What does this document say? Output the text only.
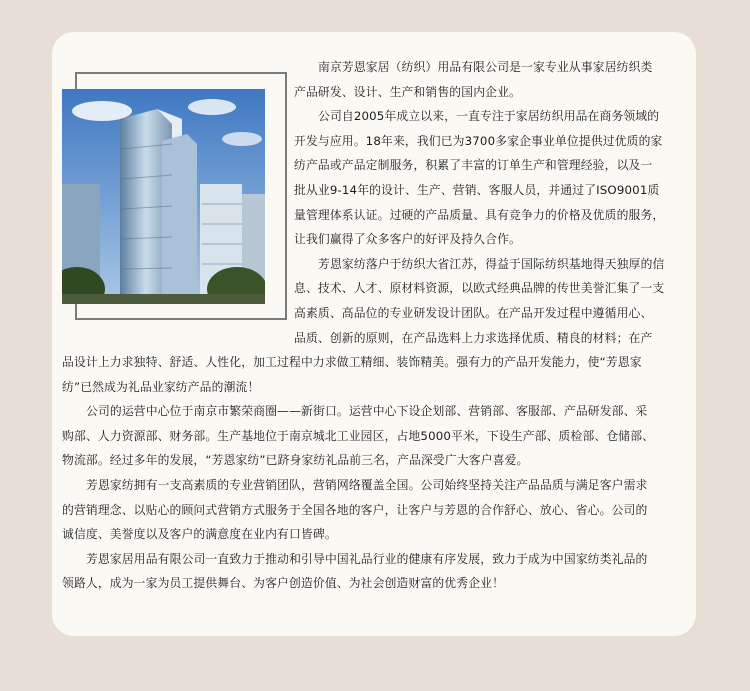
南京芳恩家居（纺织）用品有限公司是一家专业从事家居纺织类
产品研发、设计、生产和销售的国内企业。
公司自2005年成立以来，一直专注于家居纺织用品在商务领域的
开发与应用。18年来，我们已为3700多家企事业单位提供过优质的家
纺产品或产品定制服务，积累了丰富的订单生产和管理经验，以及一
批从业9-14年的设计、生产、营销、客服人员，并通过了ISO9001质
量管理体系认证。过硬的产品质量、具有竞争力的价格及优质的服务，
让我们赢得了众多客户的好评及持久合作。
芳恩家纺落户于纺织大省江苏，得益于国际纺织基地得天独厚的信
息、技术、人才、原材料资源，以欧式经典品牌的传世美誉汇集了一支
高素质、高品位的专业研发设计团队。在产品开发过程中遵循用心、
品质、创新的原则，在产品选料上力求选择优质、精良的材料；在产
品设计上力求独特、舒适、人性化，加工过程中力求做工精细、装饰精美。强有力的产品开发能力，使“芳恩家
纺”已然成为礼品业家纺产品的潮流！
公司的运营中心位于南京市繁荣商圈——新街口。运营中心下设企划部、营销部、客服部、产品研发部、采
购部、人力资源部、财务部。生产基地位于南京城北工业园区，占地5000平米，下设生产部、质检部、仓储部、
物流部。经过多年的发展，“芳恩家纺”已跻身家纺礼品前三名，产品深受广大客户喜爱。
芳恩家纺拥有一支高素质的专业营销团队，营销网络覆盖全国。公司始终坚持关注产品品质与满足客户需求
的营销理念、以贴心的顾问式营销方式服务于全国各地的客户，让客户与芳恩的合作舒心、放心、省心。公司的
诚信度、美誉度以及客户的满意度在业内有口皆碑。
芳恩家居用品有限公司一直致力于推动和引导中国礼品行业的健康有序发展，致力于成为中国家纺类礼品的
领路人，成为一家为员工提供舞台、为客户创造价值、为社会创造财富的优秀企业！
